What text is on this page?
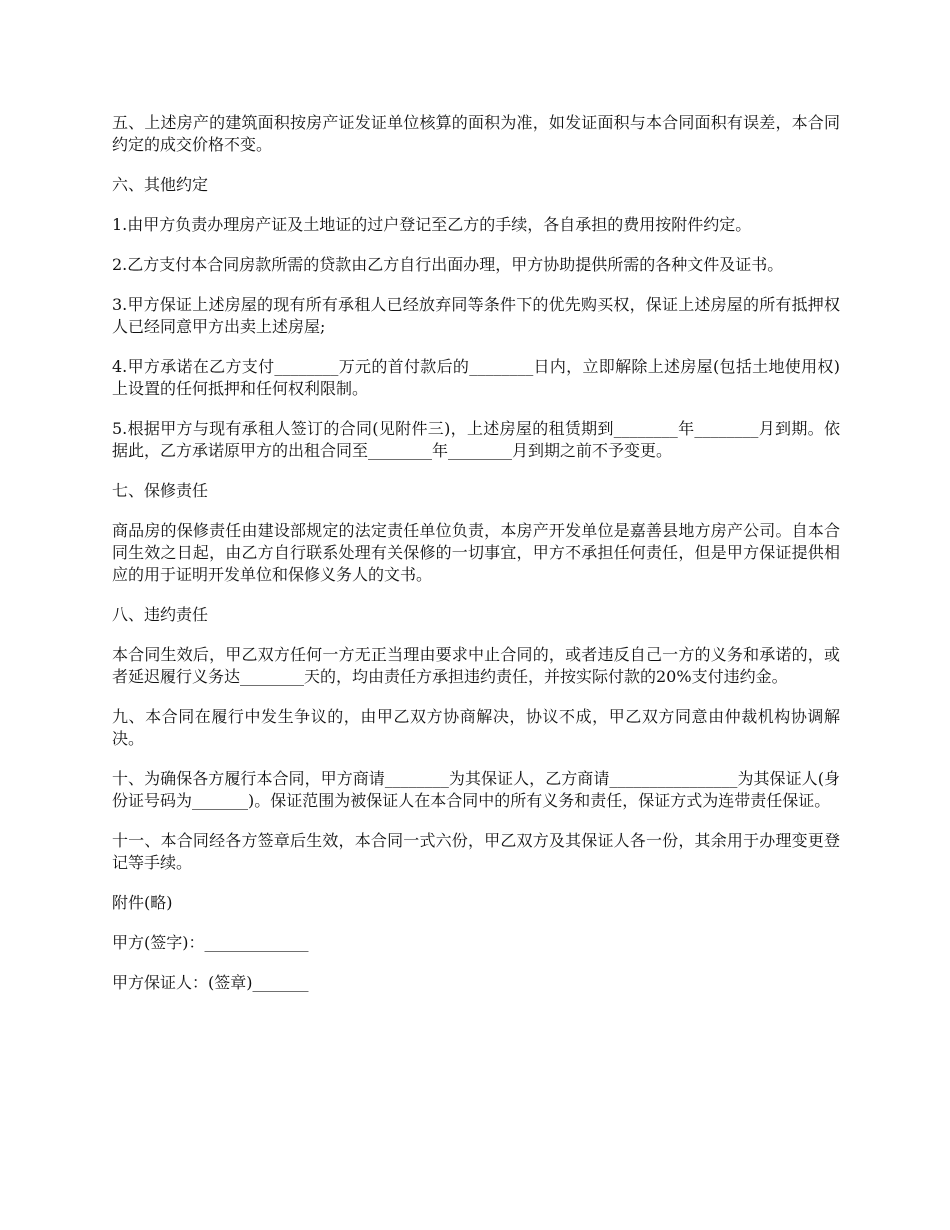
五、上述房产的建筑面积按房产证发证单位核算的面积为准，如发证面积与本合同面积有误差，本合同约定的成交价格不变。

六、其他约定

1.由甲方负责办理房产证及土地证的过户登记至乙方的手续，各自承担的费用按附件约定。

2.乙方支付本合同房款所需的贷款由乙方自行出面办理，甲方协助提供所需的各种文件及证书。

3.甲方保证上述房屋的现有所有承租人已经放弃同等条件下的优先购买权，保证上述房屋的所有抵押权人已经同意甲方出卖上述房屋;

4.甲方承诺在乙方支付________万元的首付款后的________日内，立即解除上述房屋(包括土地使用权)上设置的任何抵押和任何权利限制。

5.根据甲方与现有承租人签订的合同(见附件三)，上述房屋的租赁期到________年________月到期。依据此，乙方承诺原甲方的出租合同至________年________月到期之前不予变更。

七、保修责任

商品房的保修责任由建设部规定的法定责任单位负责，本房产开发单位是嘉善县地方房产公司。自本合同生效之日起，由乙方自行联系处理有关保修的一切事宜，甲方不承担任何责任，但是甲方保证提供相应的用于证明开发单位和保修义务人的文书。

八、违约责任

本合同生效后，甲乙双方任何一方无正当理由要求中止合同的，或者违反自己一方的义务和承诺的，或者延迟履行义务达________天的，均由责任方承担违约责任，并按实际付款的20%支付违约金。

九、本合同在履行中发生争议的，由甲乙双方协商解决，协议不成，甲乙双方同意由仲裁机构协调解决。

十、为确保各方履行本合同，甲方商请________为其保证人，乙方商请________________为其保证人(身份证号码为_______)。保证范围为被保证人在本合同中的所有义务和责任，保证方式为连带责任保证。

十一、本合同经各方签章后生效，本合同一式六份，甲乙双方及其保证人各一份，其余用于办理变更登记等手续。

附件(略)

甲方(签字)：_____________

甲方保证人：(签章)_______
